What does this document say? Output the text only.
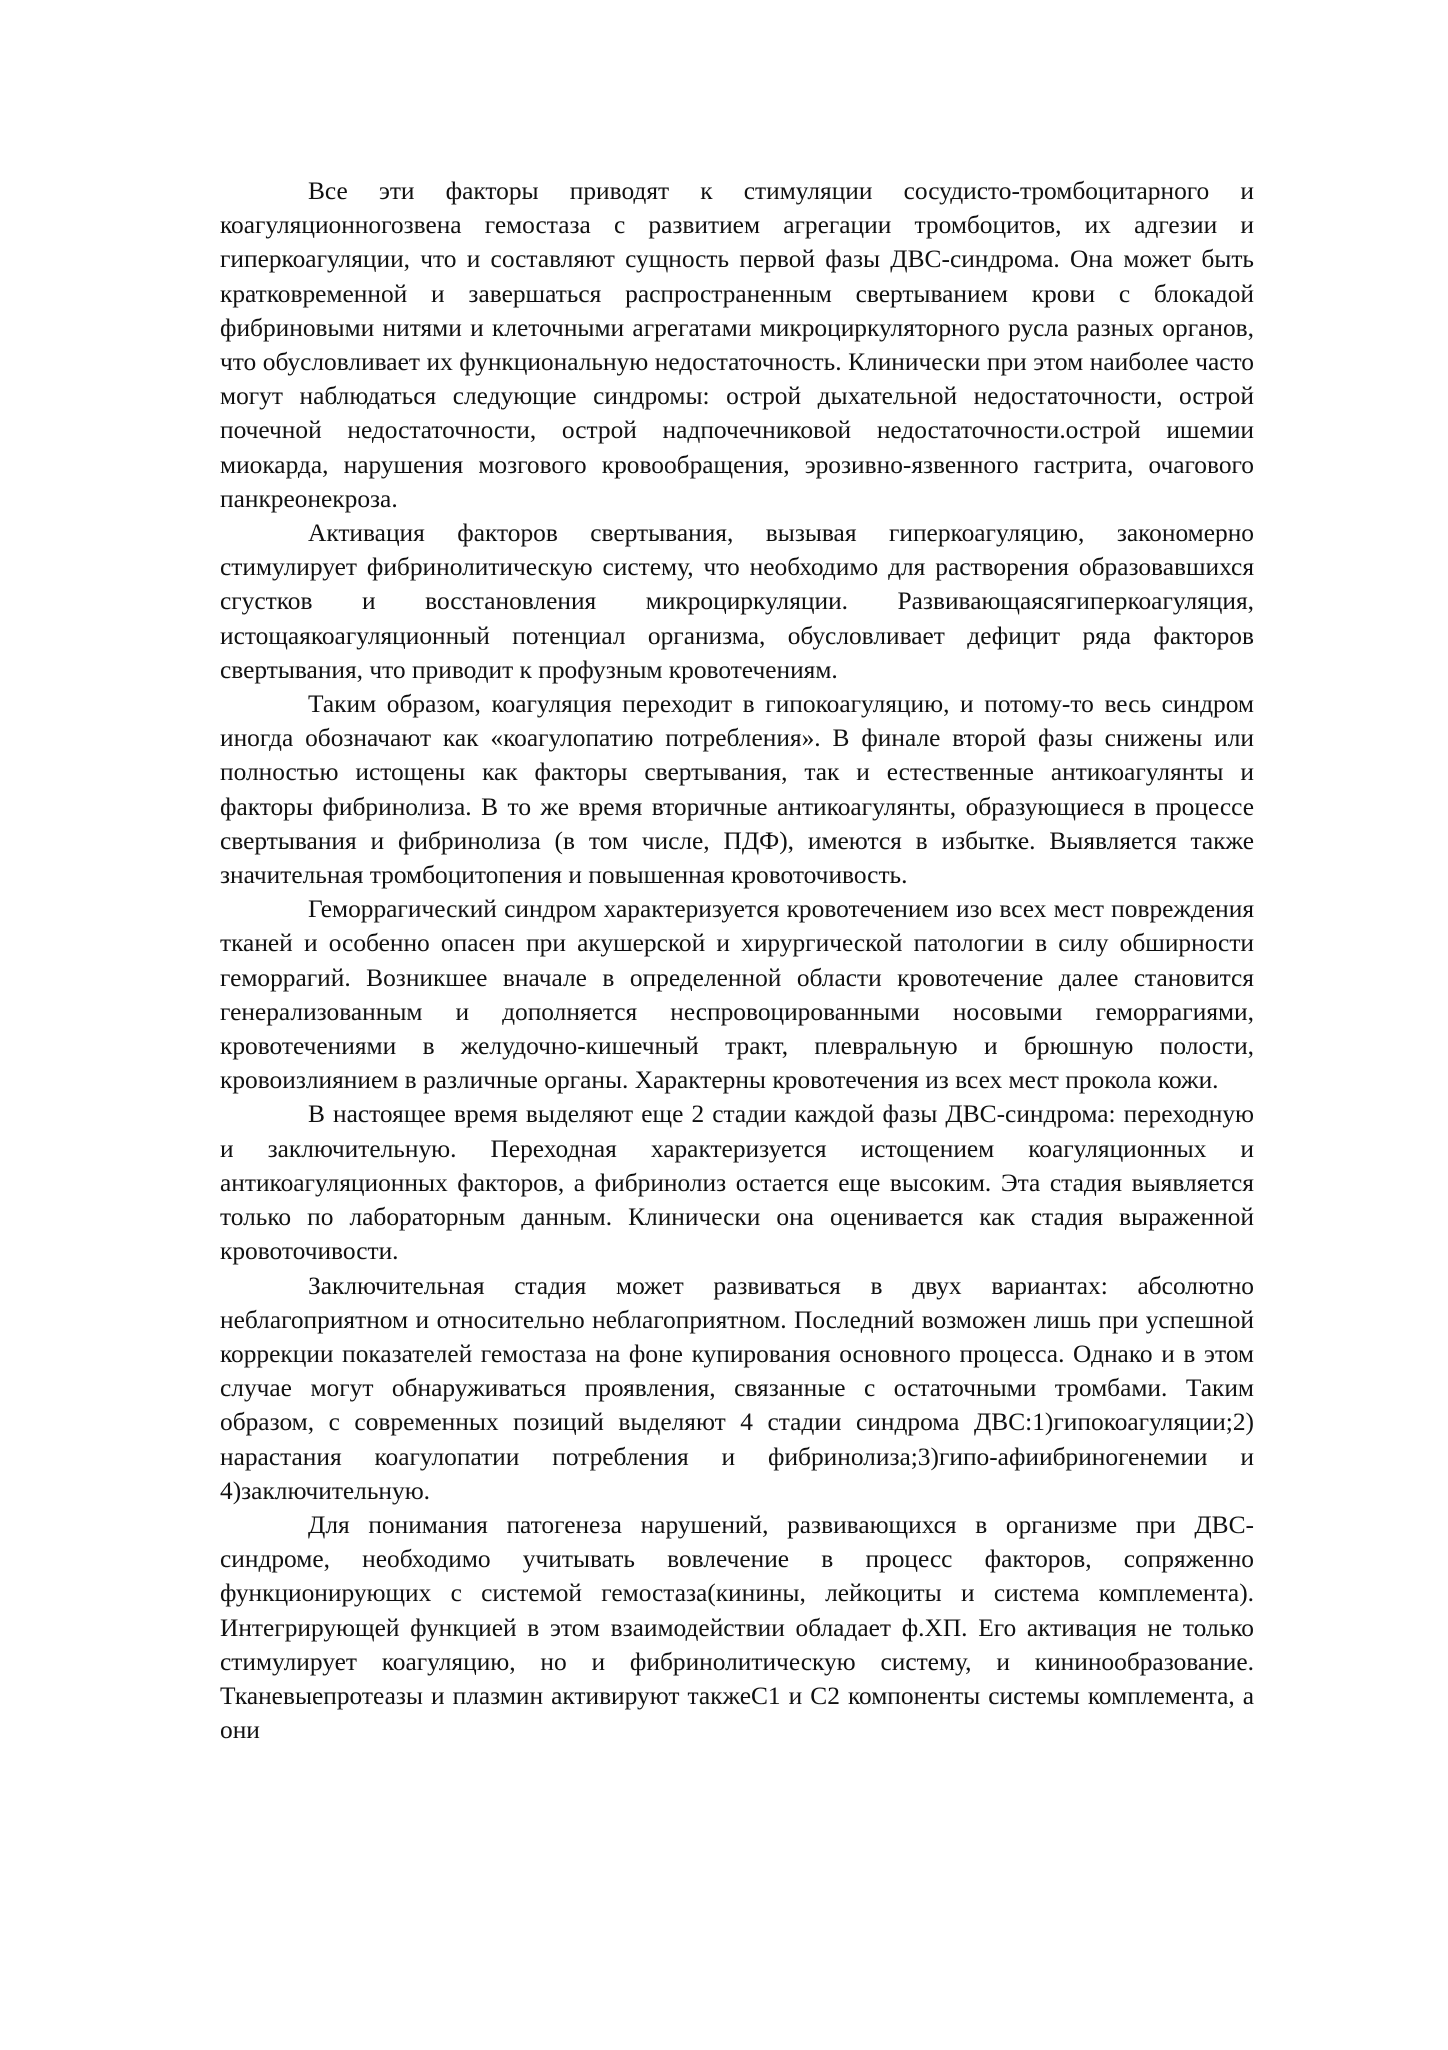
Все эти факторы приводят к стимуляции сосудисто-тромбоцитарного и коагуляционногозвена гемостаза с развитием агрегации тромбоцитов, их адгезии и гиперкоагуляции, что и составляют сущность первой фазы ДВС-синдрома. Она может быть кратковременной и завершаться распространенным свертыванием крови с блокадой фибриновыми нитями и клеточными агрегатами микроциркуляторного русла разных органов, что обусловливает их функциональную недостаточность. Клинически при этом наиболее часто могут наблюдаться следующие синдромы: острой дыхательной недостаточности, острой почечной недостаточности, острой надпочечниковой недостаточности.острой ишемии миокарда, нарушения мозгового кровообращения, эрозивно-язвенного гастрита, очагового панкреонекроза.

Активация факторов свертывания, вызывая гиперкоагуляцию, закономерно стимулирует фибринолитическую систему, что необходимо для растворения образовавшихся сгустков и восстановления микроциркуляции. Развивающаясягиперкоагуляция, истощаякоагуляционный потенциал организма, обусловливает дефицит ряда факторов свертывания, что приводит к профузным кровотечениям.

Таким образом, коагуляция переходит в гипокоагуляцию, и потому-то весь синдром иногда обозначают как «коагулопатию потребления». В финале второй фазы снижены или полностью истощены как факторы свертывания, так и естественные антикоагулянты и факторы фибринолиза. В то же время вторичные антикоагулянты, образующиеся в процессе свертывания и фибринолиза (в том числе, ПДФ), имеются в избытке. Выявляется также значительная тромбоцитопения и повышенная кровоточивость.

Геморрагический синдром характеризуется кровотечением изо всех мест повреждения тканей и особенно опасен при акушерской и хирургической патологии в силу обширности геморрагий. Возникшее вначале в определенной области кровотечение далее становится генерализованным и дополняется неспровоцированными носовыми геморрагиями, кровотечениями в желудочно-кишечный тракт, плевральную и брюшную полости, кровоизлиянием в различные органы. Характерны кровотечения из всех мест прокола кожи.

В настоящее время выделяют еще 2 стадии каждой фазы ДВС-синдрома: переходную и заключительную. Переходная характеризуется истощением коагуляционных и антикоагуляционных факторов, а фибринолиз остается еще высоким. Эта стадия выявляется только по лабораторным данным. Клинически она оценивается как стадия выраженной кровоточивости.

Заключительная стадия может развиваться в двух вариантах: абсолютно неблагоприятном и относительно неблагоприятном. Последний возможен лишь при успешной коррекции показателей гемостаза на фоне купирования основного процесса. Однако и в этом случае могут обнаруживаться проявления, связанные с остаточными тромбами. Таким образом, с современных позиций выделяют 4 стадии синдрома ДВС:1)гипокоагуляции;2) нарастания коагулопатии потребления и фибринолиза;3)гипо-афиибриногенемии и 4)заключительную.

Для понимания патогенеза нарушений, развивающихся в организме при ДВС-синдроме, необходимо учитывать вовлечение в процесс факторов, сопряженно функционирующих с системой гемостаза(кинины, лейкоциты и система комплемента). Интегрирующей функцией в этом взаимодействии обладает ф.ХП. Его активация не только стимулирует коагуляцию, но и фибринолитическую систему, и кининообразование. Тканевыепротеазы и плазмин активируют такжеС1 и С2 компоненты системы комплемента, а они
